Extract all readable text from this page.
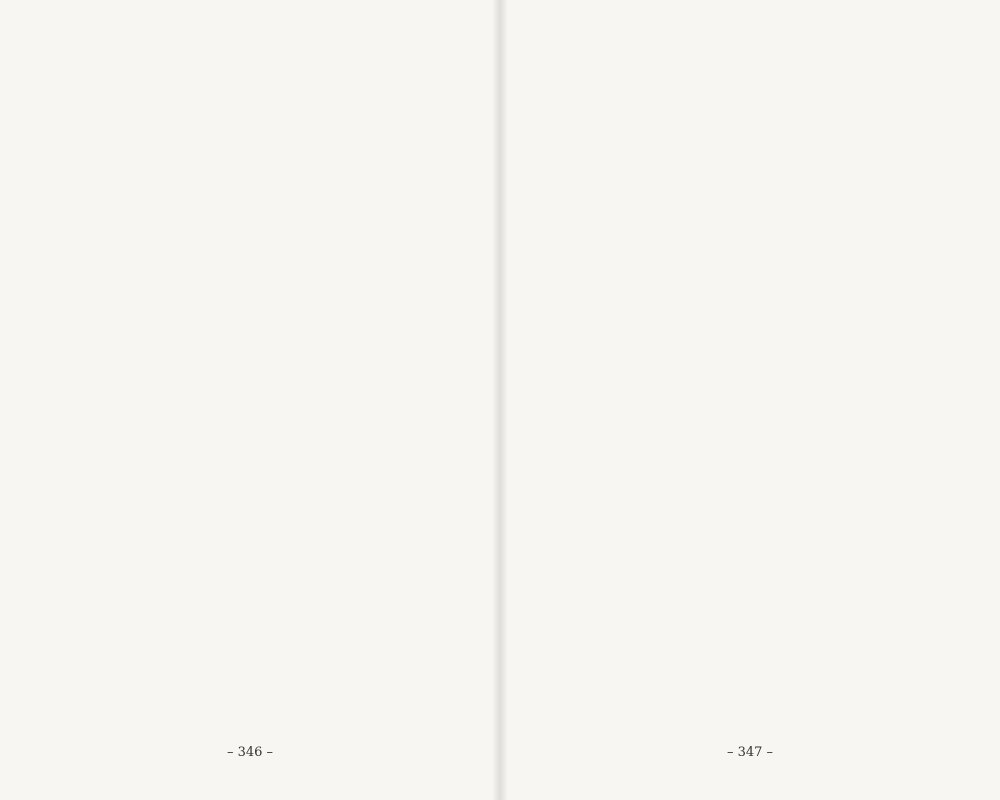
– 346 –	– 347 –
